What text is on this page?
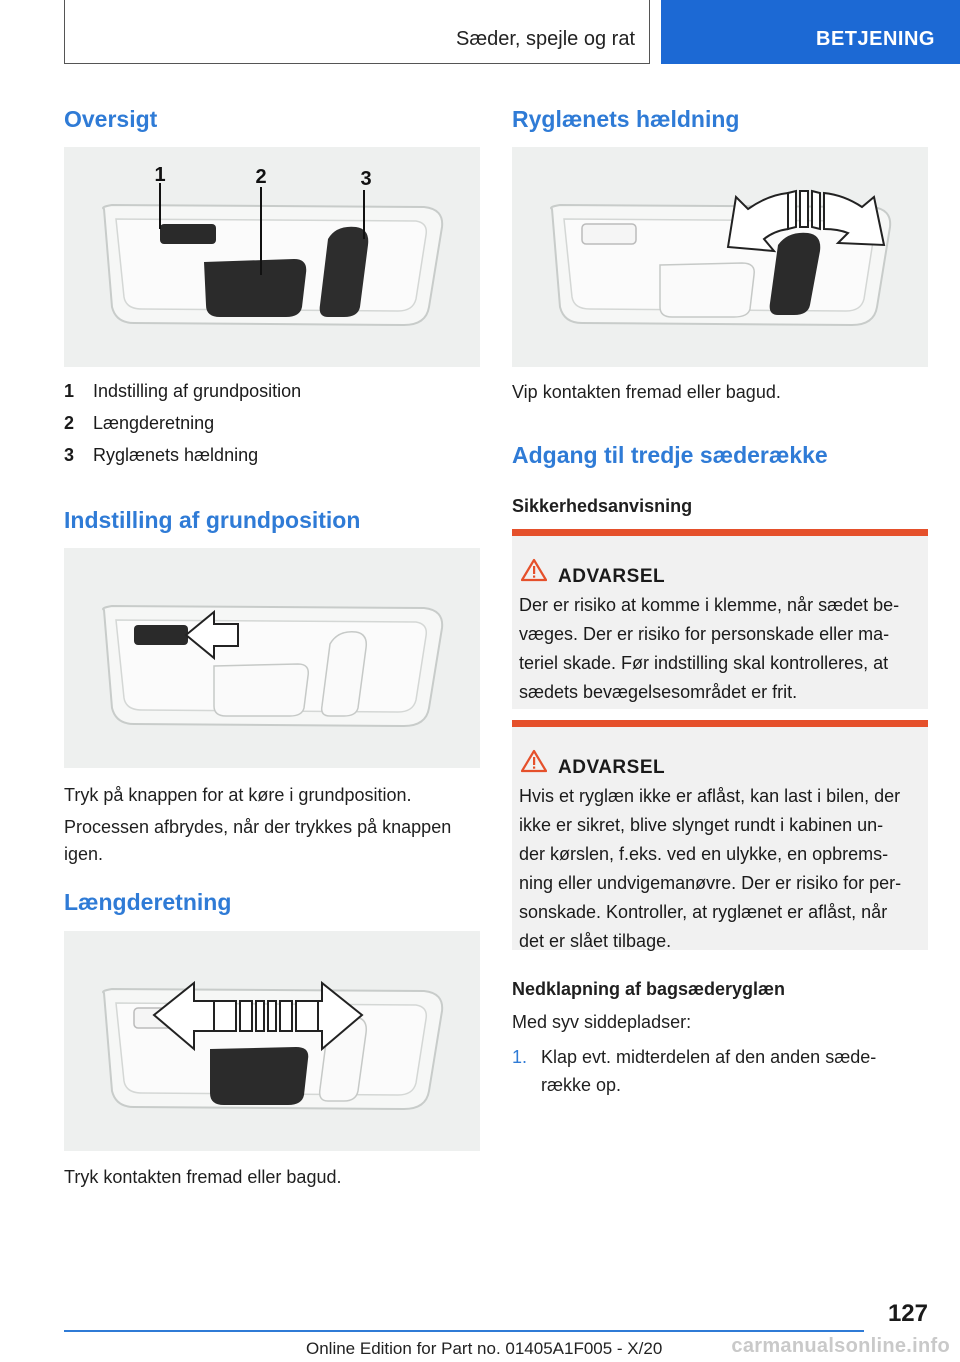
Sæder, spejle og rat	BETJENING
Oversigt
1	2	3
1 Indstilling af grundposition
2 Længderetning
3 Ryglænets hældning
Indstilling af grundposition
Tryk på knappen for at køre i grundposition.
Processen afbrydes, når der trykkes på knappen
igen.
Længderetning
Tryk kontakten fremad eller bagud.
Ryglænets hældning
Vip kontakten fremad eller bagud.
Adgang til tredje sæderække
Sikkerhedsanvisning
ADVARSEL
Der er risiko at komme i klemme, når sædet be-
væges. Der er risiko for personskade eller ma-
teriel skade. Før indstilling skal kontrolleres, at
sædets bevægelsesområdet er frit.
ADVARSEL
Hvis et ryglæn ikke er aflåst, kan last i bilen, der
ikke er sikret, blive slynget rundt i kabinen un-
der kørslen, f.eks. ved en ulykke, en opbrems-
ning eller undvigemanøvre. Der er risiko for per-
sonskade. Kontroller, at ryglænet er aflåst, når
det er slået tilbage.
Nedklapning af bagsæderyglæn
Med syv siddepladser:
1. Klap evt. midterdelen af den anden sæde-
række op.
127
Online Edition for Part no. 01405A1F005 - X/20	carmanualsonline.info
